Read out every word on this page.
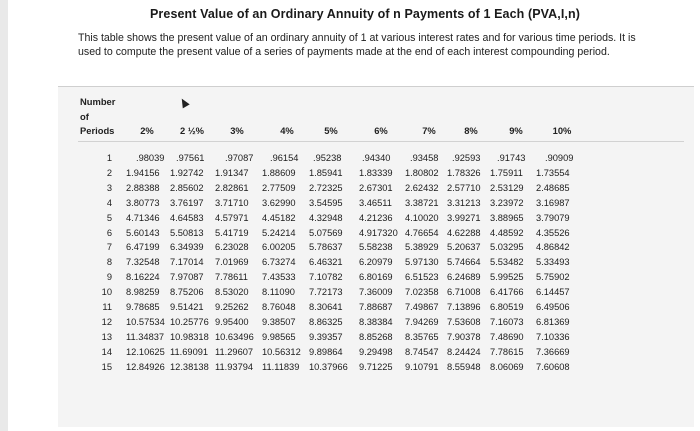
Present Value of an Ordinary Annuity of n Payments of 1 Each (PVA,I,n)
This table shows the present value of an ordinary annuity of 1 at various interest rates and for various time periods. It is used to compute the present value of a series of payments made at the end of each interest compounding period.
Number
of
Periods	2%	2 ½%	3%	4%	5%	6%	7%	8%	9%	10%
1	.98039 .97561 .97087 .96154 .95238 .94340 .93458 .92593 .91743 .90909
2 1.94156 1.92742 1.91347 1.88609 1.85941 1.83339 1.80802 1.78326 1.75911 1.73554
3 2.88388 2.85602 2.82861 2.77509 2.72325 2.67301 2.62432 2.57710 2.53129 2.48685
4 3.80773 3.76197 3.71710 3.62990 3.54595 3.46511 3.38721 3.31213 3.23972 3.16987
5 4.71346 4.64583 4.57971 4.45182 4.32948 4.21236 4.10020 3.99271 3.88965 3.79079
6 5.60143 5.50813 5.41719 5.24214 5.07569 4.917320 4.76654 4.62288 4.48592 4.35526
7 6.47199 6.34939 6.23028 6.00205 5.78637 5.58238 5.38929 5.20637 5.03295 4.86842
8 7.32548 7.17014 7.01969 6.73274 6.46321 6.20979 5.97130 5.74664 5.53482 5.33493
9 8.16224 7.97087 7.78611 7.43533 7.10782 6.80169 6.51523 6.24689 5.99525 5.75902
10 8.98259 8.75206 8.53020 8.11090 7.72173 7.36009 7.02358 6.71008 6.41766 6.14457
11 9.78685 9.51421 9.25262 8.76048 8.30641 7.88687 7.49867 7.13896 6.80519 6.49506
12 10.57534 10.25776 9.95400 9.38507 8.86325 8.38384 7.94269 7.53608 7.16073 6.81369
13 11.34837 10.98318 10.63496 9.98565 9.39357 8.85268 8.35765 7.90378 7.48690 7.10336
14 12.10625 11.69091 11.29607 10.56312 9.89864 9.29498 8.74547 8.24424 7.78615 7.36669
15 12.84926 12.38138 11.93794 11.11839 10.37966 9.71225 9.10791 8.55948 8.06069 7.60608
